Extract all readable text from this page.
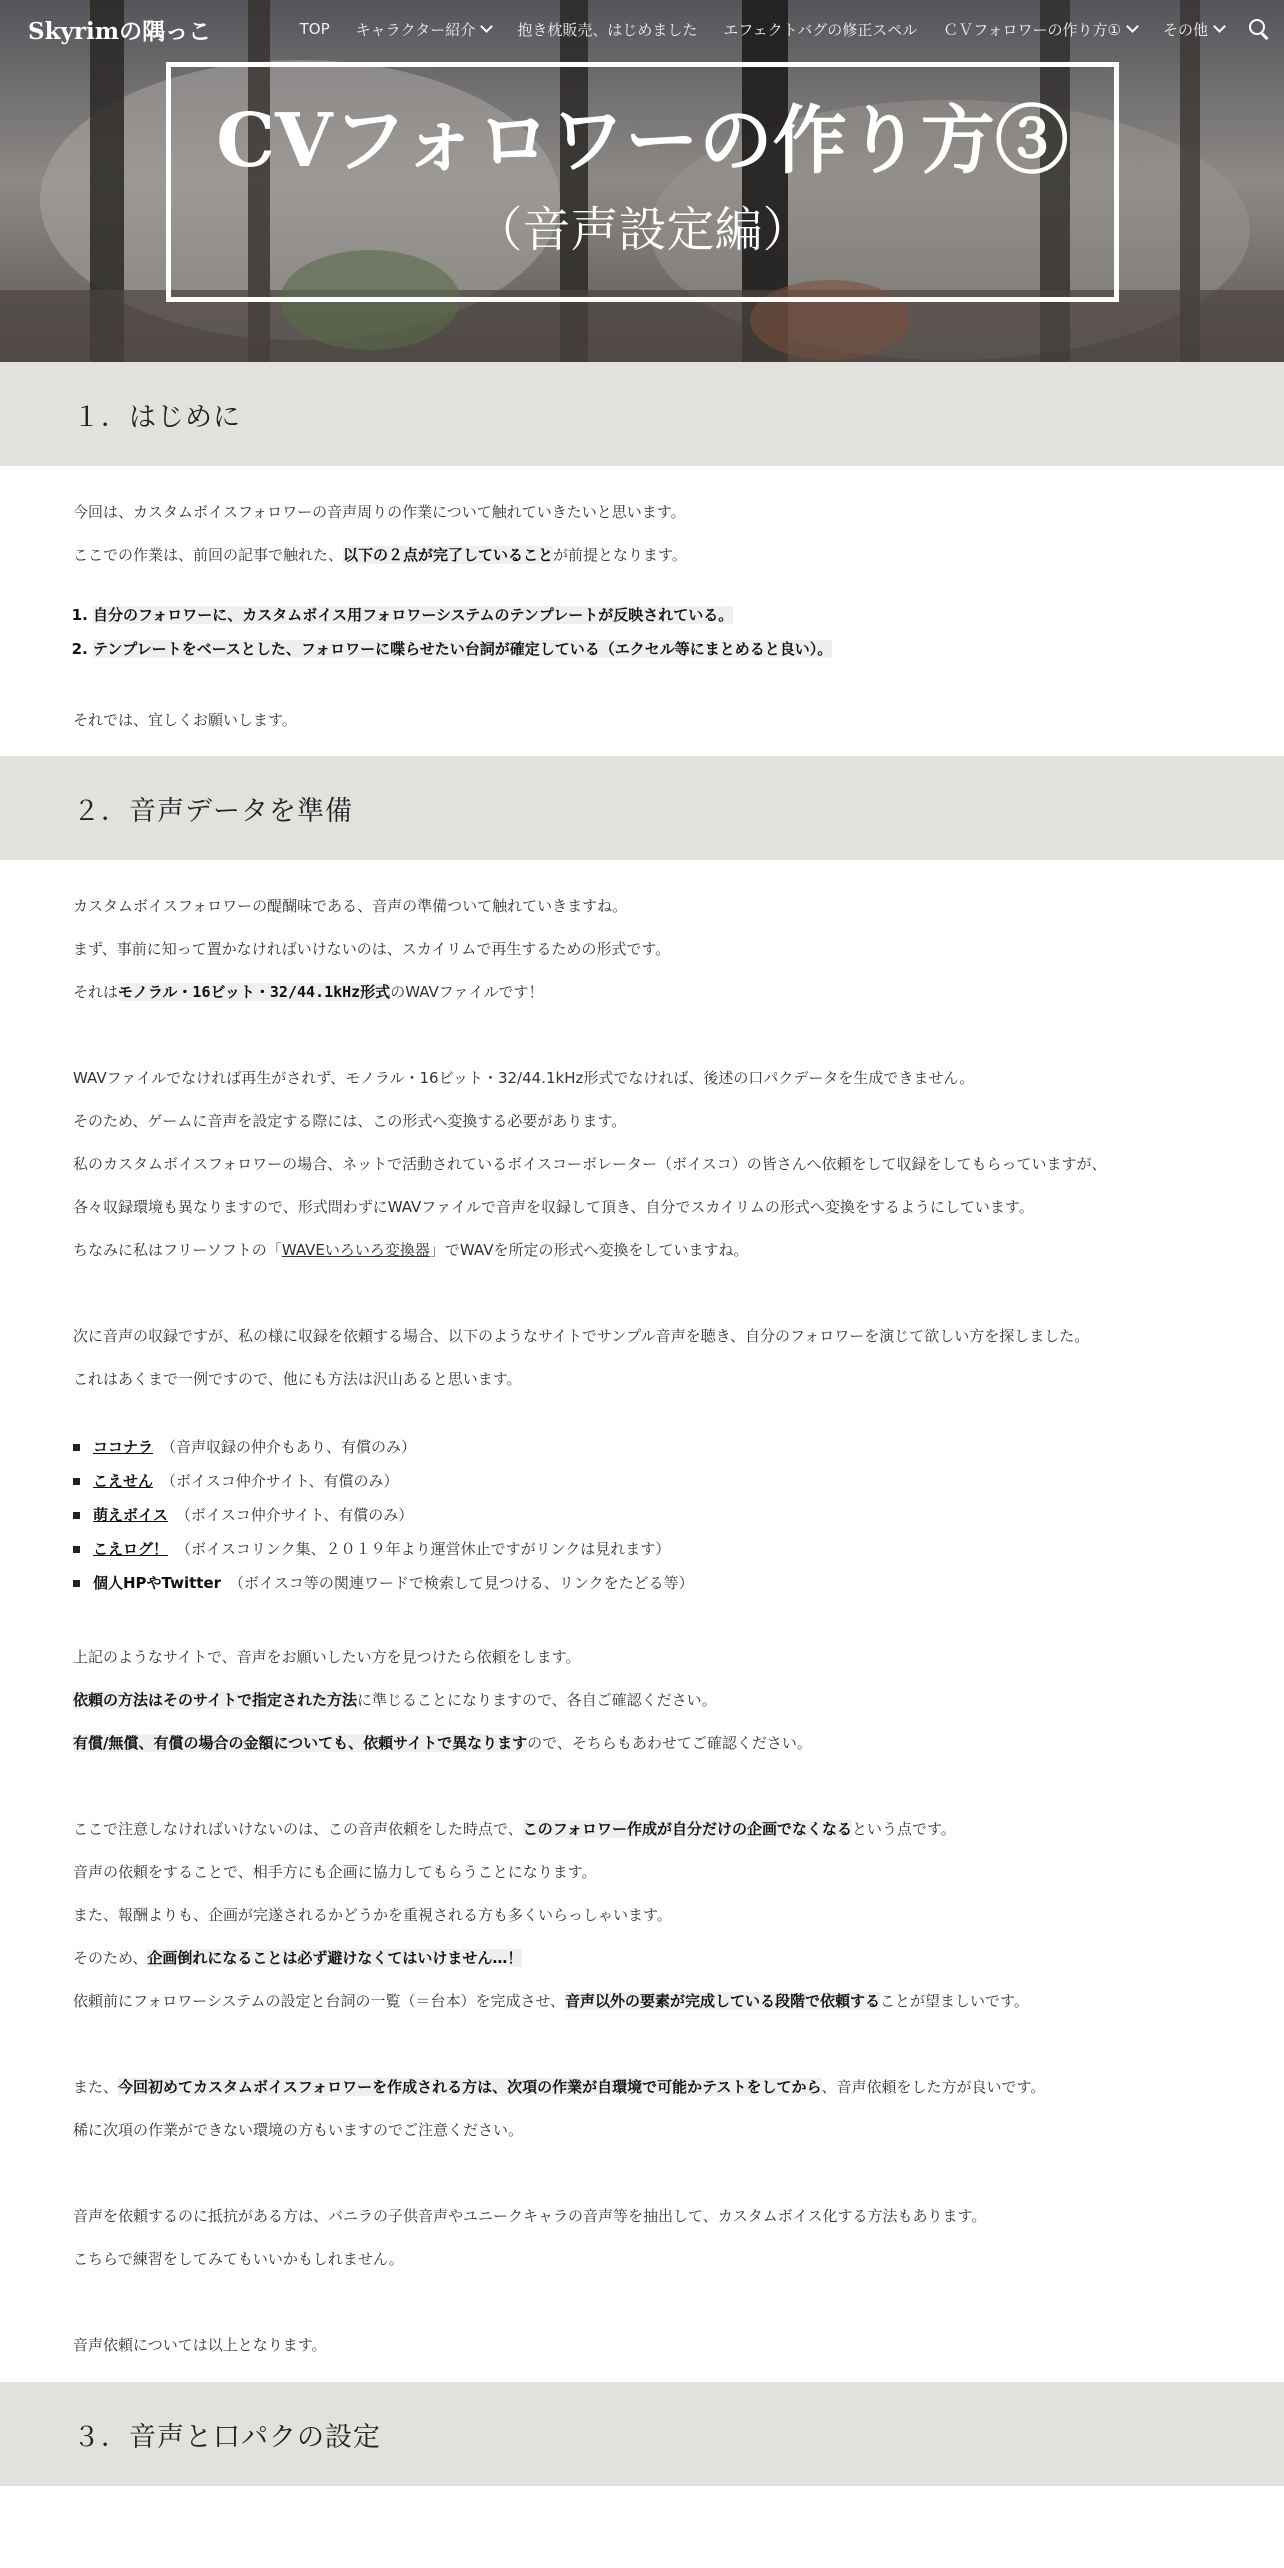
Skyrimの隅っこ	TOP キャラクター紹介	抱き枕販売、はじめました エフェクトバグの修正スペル ＣＶフォロワーの作り方①	その他
CVフォロワーの作り方③
（音声設定編）
１．はじめに
今回は、カスタムボイスフォロワーの音声周りの作業について触れていきたいと思います。
ここでの作業は、前回の記事で触れた、以下の２点が完了していることが前提となります。
1. 自分のフォロワーに、カスタムボイス用フォロワーシステムのテンプレートが反映されている。
2. テンプレートをベースとした、フォロワーに喋らせたい台詞が確定している（エクセル等にまとめると良い）。
それでは、宜しくお願いします。
２．音声データを準備
カスタムボイスフォロワーの醍醐味である、音声の準備ついて触れていきますね。
まず、事前に知って置かなければいけないのは、スカイリムで再生するための形式です。
それはモノラル・16ビット・32/44.1kHz形式のWAVファイルです！
WAVファイルでなければ再生がされず、モノラル・16ビット・32/44.1kHz形式でなければ、後述の口パクデータを生成できません。
そのため、ゲームに音声を設定する際には、この形式へ変換する必要があります。
私のカスタムボイスフォロワーの場合、ネットで活動されているボイスコーボレーター（ボイスコ）の皆さんへ依頼をして収録をしてもらっていますが、
各々収録環境も異なりますので、形式問わずにWAVファイルで音声を収録して頂き、自分でスカイリムの形式へ変換をするようにしています。
ちなみに私はフリーソフトの「WAVEいろいろ変換器」でWAVを所定の形式へ変換をしていますね。
次に音声の収録ですが、私の様に収録を依頼する場合、以下のようなサイトでサンプル音声を聴き、自分のフォロワーを演じて欲しい方を探しました。
これはあくまで一例ですので、他にも方法は沢山あると思います。
ココナラ （音声収録の仲介もあり、有償のみ）
こえせん （ボイスコ仲介サイト、有償のみ）
萌えボイス （ボイスコ仲介サイト、有償のみ）
こえログ！ （ボイスコリンク集、２０１９年より運営休止ですがリンクは見れます）
個人HPやTwitter （ボイスコ等の関連ワードで検索して見つける、リンクをたどる等）
上記のようなサイトで、音声をお願いしたい方を見つけたら依頼をします。
依頼の方法はそのサイトで指定された方法に準じることになりますので、各自ご確認ください。
有償/無償、有償の場合の金額についても、依頼サイトで異なりますので、そちらもあわせてご確認ください。
ここで注意しなければいけないのは、この音声依頼をした時点で、このフォロワー作成が自分だけの企画でなくなるという点です。
音声の依頼をすることで、相手方にも企画に協力してもらうことになります。
また、報酬よりも、企画が完遂されるかどうかを重視される方も多くいらっしゃいます。
そのため、企画倒れになることは必ず避けなくてはいけません…！
依頼前にフォロワーシステムの設定と台詞の一覧（＝台本）を完成させ、音声以外の要素が完成している段階で依頼することが望ましいです。
また、今回初めてカスタムボイスフォロワーを作成される方は、次項の作業が自環境で可能かテストをしてから、音声依頼をした方が良いです。
稀に次項の作業ができない環境の方もいますのでご注意ください。
音声を依頼するのに抵抗がある方は、バニラの子供音声やユニークキャラの音声等を抽出して、カスタムボイス化する方法もあります。
こちらで練習をしてみてもいいかもしれません。
音声依頼については以上となります。
３．音声と口パクの設定
